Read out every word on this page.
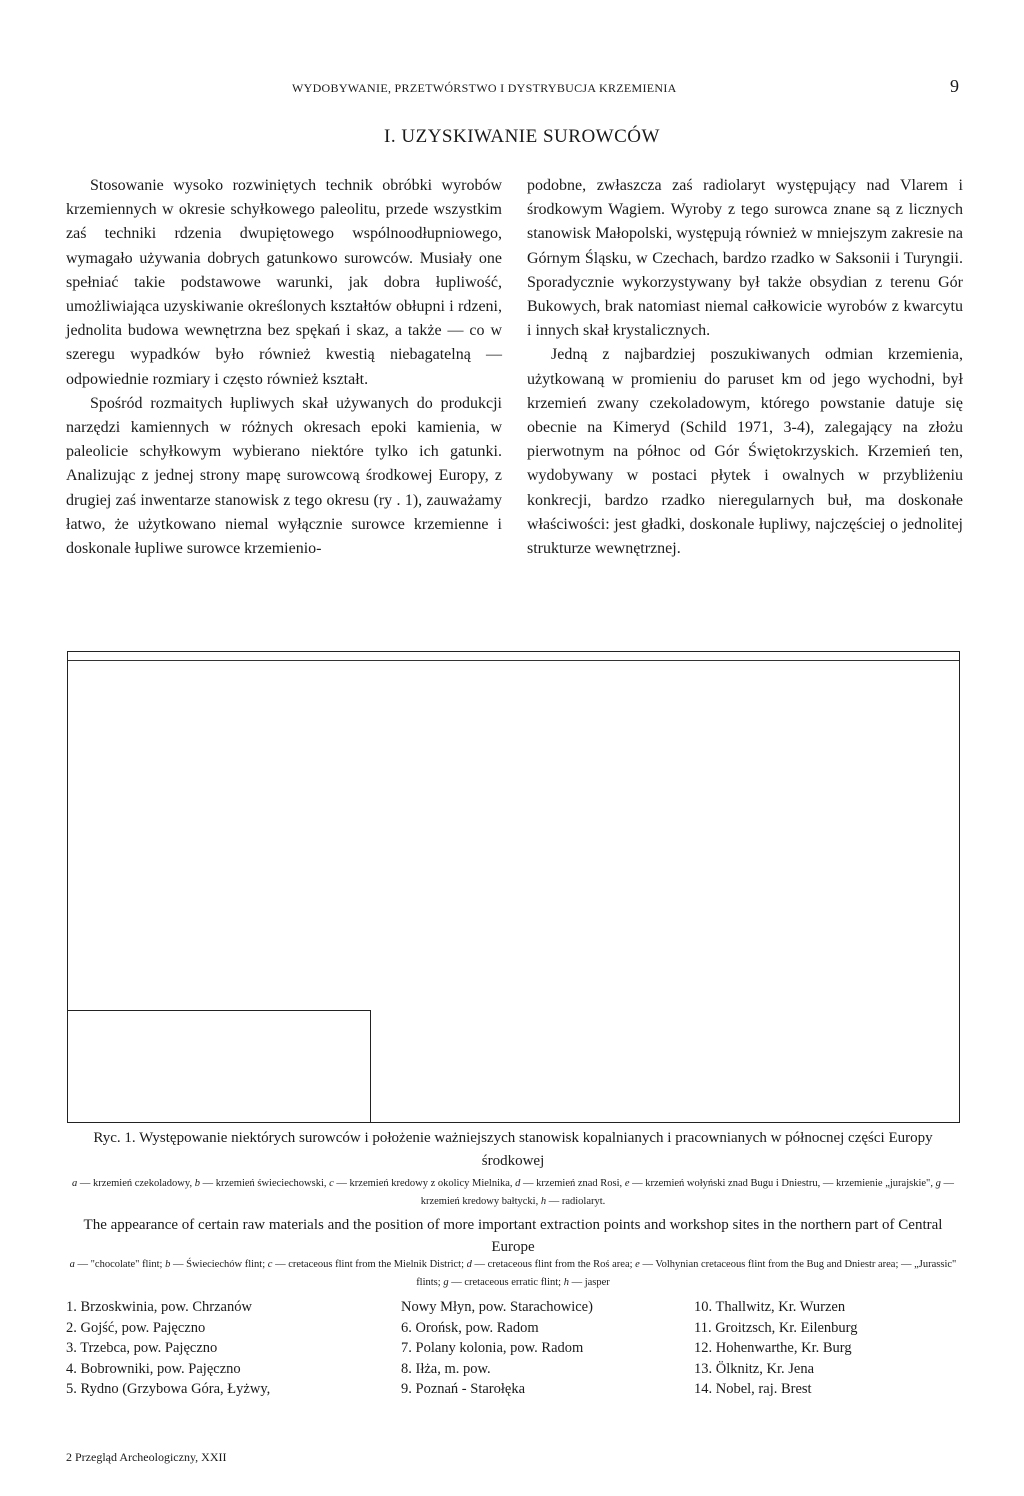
WYDOBYWANIE, PRZETWÓRSTWO I DYSTRYBUCJA KRZEMIENIA	9
I. UZYSKIWANIE SUROWCÓW

Stosowanie wysoko rozwiniętych technik obróbki wyrobów krzemiennych w okresie schyłkowego paleolitu, przede wszystkim zaś techniki rdzenia dwupiętowego wspólnoodłupniowego, wymagało używania dobrych gatunkowo surowców. Musiały one spełniać takie podstawowe warunki, jak dobra łupliwość, umożliwiająca uzyskiwanie określonych kształtów obłupni i rdzeni, jednolita budowa wewnętrzna bez spękań i skaz, a także — co w szeregu wypadków było również kwestią niebagatelną — odpowiednie rozmiary i często również kształt.

Spośród rozmaitych łupliwych skał używanych do produkcji narzędzi kamiennych w różnych okresach epoki kamienia, w paleolicie schyłkowym wybierano niektóre tylko ich gatunki. Analizując z jednej strony mapę surowcową środkowej Europy, z drugiej zaś inwentarze stanowisk z tego okresu (ry . 1), zauważamy łatwo, że użytkowano niemal wyłącznie surowce krzemienne i doskonale łupliwe surowce krzemienio-

podobne, zwłaszcza zaś radiolaryt występujący nad Vlarem i środkowym Wagiem. Wyroby z tego surowca znane są z licznych stanowisk Małopolski, występują również w mniejszym zakresie na Górnym Śląsku, w Czechach, bardzo rzadko w Saksonii i Turyngii. Sporadycznie wykorzystywany był także obsydian z terenu Gór Bukowych, brak natomiast niemal całkowicie wyrobów z kwarcytu i innych skał krystalicznych.

Jedną z najbardziej poszukiwanych odmian krzemienia, użytkowaną w promieniu do paruset km od jego wychodni, był krzemień zwany czekoladowym, którego powstanie datuje się obecnie na Kimeryd (Schild 1971, 3-4), zalegający na złożu pierwotnym na północ od Gór Świętokrzyskich. Krzemień ten, wydobywany w postaci płytek i owalnych w przybliżeniu konkrecji, bardzo rzadko nieregularnych buł, ma doskonałe właściwości: jest gładki, doskonale łupliwy, najczęściej o jednolitej strukturze wewnętrznej.

Ryc. 1. Występowanie niektórych surowców i położenie ważniejszych stanowisk kopalnianych i pracownianych w północnej części Europy środkowej
a — krzemień czekoladowy, b — krzemień świeciechowski, c — krzemień kredowy z okolicy Mielnika, d — krzemień znad Rosi, e — krzemień wołyński znad Bugu i Dniestru, — krzemienie „jurajskie", g — krzemień kredowy bałtycki, h — radiolaryt.
The appearance of certain raw materials and the position of more important extraction points and workshop sites in the northern part of Central Europe
a — "chocolate" flint; b — Świeciechów flint; c — cretaceous flint from the Mielnik District; d — cretaceous flint from the Roś area; e — Volhynian cretaceous flint from the Bug and Dniestr area; — „Jurassic" flints; g — cretaceous erratic flint; h — jasper
1. Brzoskwinia, pow. Chrzanów
2. Gojść, pow. Pajęczno
3. Trzebca, pow. Pajęczno
4. Bobrowniki, pow. Pajęczno
5. Rydno (Grzybowa Góra, Łyżwy,
Nowy Młyn, pow. Starachowice)
6. Orońsk, pow. Radom
7. Polany kolonia, pow. Radom
8. Iłża, m. pow.
9. Poznań - Starołęka
10. Thallwitz, Kr. Wurzen
11. Groitzsch, Kr. Eilenburg
12. Hohenwarthe, Kr. Burg
13. Ölknitz, Kr. Jena
14. Nobel, raj. Brest
2 Przegląd Archeologiczny, XXII
